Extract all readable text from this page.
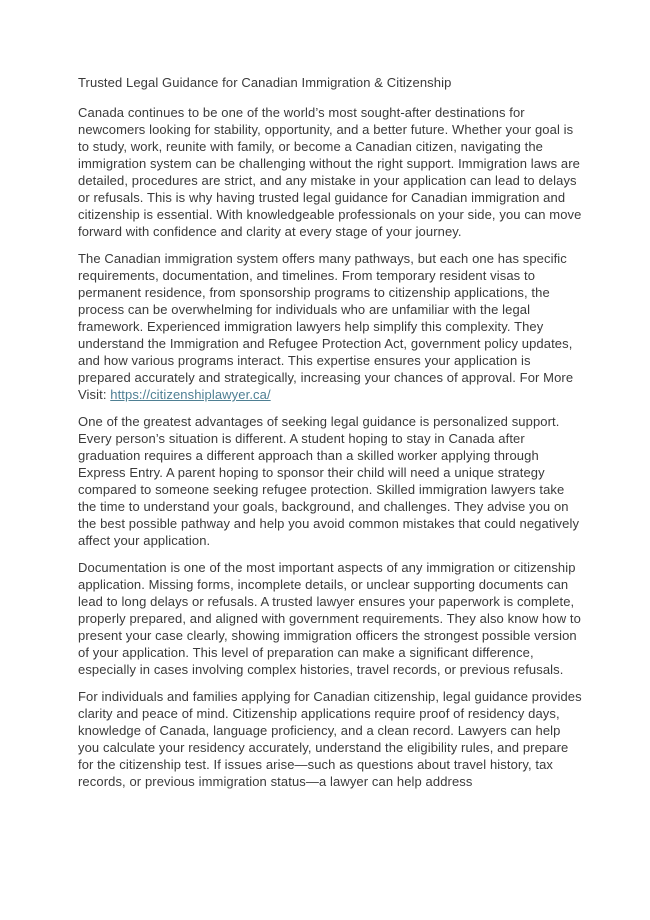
Trusted Legal Guidance for Canadian Immigration & Citizenship

Canada continues to be one of the world’s most sought-after destinations for newcomers looking for stability, opportunity, and a better future. Whether your goal is to study, work, reunite with family, or become a Canadian citizen, navigating the immigration system can be challenging without the right support. Immigration laws are detailed, procedures are strict, and any mistake in your application can lead to delays or refusals. This is why having trusted legal guidance for Canadian immigration and citizenship is essential. With knowledgeable professionals on your side, you can move forward with confidence and clarity at every stage of your journey.

The Canadian immigration system offers many pathways, but each one has specific requirements, documentation, and timelines. From temporary resident visas to permanent residence, from sponsorship programs to citizenship applications, the process can be overwhelming for individuals who are unfamiliar with the legal framework. Experienced immigration lawyers help simplify this complexity. They understand the Immigration and Refugee Protection Act, government policy updates, and how various programs interact. This expertise ensures your application is prepared accurately and strategically, increasing your chances of approval. For More Visit: https://citizenshiplawyer.ca/

One of the greatest advantages of seeking legal guidance is personalized support. Every person’s situation is different. A student hoping to stay in Canada after graduation requires a different approach than a skilled worker applying through Express Entry. A parent hoping to sponsor their child will need a unique strategy compared to someone seeking refugee protection. Skilled immigration lawyers take the time to understand your goals, background, and challenges. They advise you on the best possible pathway and help you avoid common mistakes that could negatively affect your application.

Documentation is one of the most important aspects of any immigration or citizenship application. Missing forms, incomplete details, or unclear supporting documents can lead to long delays or refusals. A trusted lawyer ensures your paperwork is complete, properly prepared, and aligned with government requirements. They also know how to present your case clearly, showing immigration officers the strongest possible version of your application. This level of preparation can make a significant difference, especially in cases involving complex histories, travel records, or previous refusals.

For individuals and families applying for Canadian citizenship, legal guidance provides clarity and peace of mind. Citizenship applications require proof of residency days, knowledge of Canada, language proficiency, and a clean record. Lawyers can help you calculate your residency accurately, understand the eligibility rules, and prepare for the citizenship test. If issues arise—such as questions about travel history, tax records, or previous immigration status—a lawyer can help address
